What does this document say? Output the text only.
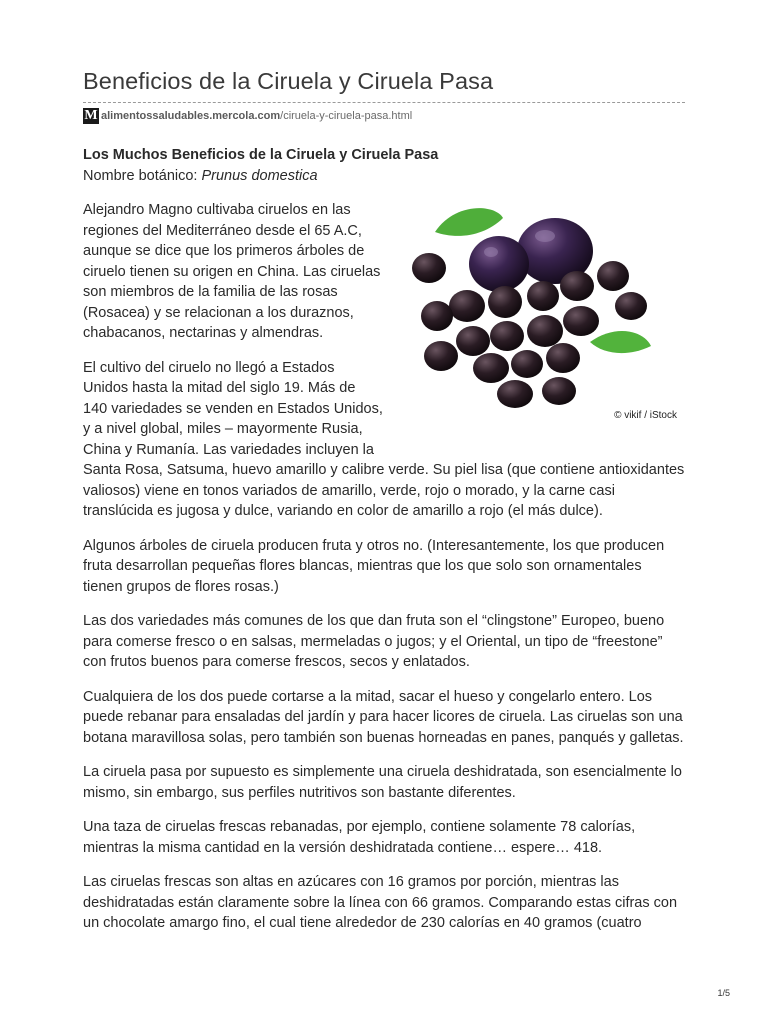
Beneficios de la Ciruela y Ciruela Pasa
M alimentossaludables.mercola.com /ciruela-y-ciruela-pasa.html
Los Muchos Beneficios de la Ciruela y Ciruela Pasa

Nombre botánico: Prunus domestica

© vikif / iStock

Alejandro Magno cultivaba ciruelos en las regiones del Mediterráneo desde el 65 A.C, aunque se dice que los primeros árboles de ciruelo tienen su origen en China. Las ciruelas son miembros de la familia de las rosas (Rosacea) y se relacionan a los duraznos, chabacanos, nectarinas y almendras.

El cultivo del ciruelo no llegó a Estados Unidos hasta la mitad del siglo 19. Más de 140 variedades se venden en Estados Unidos, y a nivel global, miles – mayormente Rusia, China y Rumanía. Las variedades incluyen la Santa Rosa, Satsuma, huevo amarillo y calibre verde. Su piel lisa (que contiene antioxidantes valiosos) viene en tonos variados de amarillo, verde, rojo o morado, y la carne casi translúcida es jugosa y dulce, variando en color de amarillo a rojo (el más dulce).

Algunos árboles de ciruela producen fruta y otros no. (Interesantemente, los que producen fruta desarrollan pequeñas flores blancas, mientras que los que solo son ornamentales tienen grupos de flores rosas.)

Las dos variedades más comunes de los que dan fruta son el “clingstone” Europeo, bueno para comerse fresco o en salsas, mermeladas o jugos; y el Oriental, un tipo de “freestone” con frutos buenos para comerse frescos, secos y enlatados.

Cualquiera de los dos puede cortarse a la mitad, sacar el hueso y congelarlo entero. Los puede rebanar para ensaladas del jardín y para hacer licores de ciruela. Las ciruelas son una botana maravillosa solas, pero también son buenas horneadas en panes, panqués y galletas.

La ciruela pasa por supuesto es simplemente una ciruela deshidratada, son esencialmente lo mismo, sin embargo, sus perfiles nutritivos son bastante diferentes.

Una taza de ciruelas frescas rebanadas, por ejemplo, contiene solamente 78 calorías, mientras la misma cantidad en la versión deshidratada contiene… espere… 418.

Las ciruelas frescas son altas en azúcares con 16 gramos por porción, mientras las deshidratadas están claramente sobre la línea con 66 gramos. Comparando estas cifras con un chocolate amargo fino, el cual tiene alrededor de 230 calorías en 40 gramos (cuatro

1/5
